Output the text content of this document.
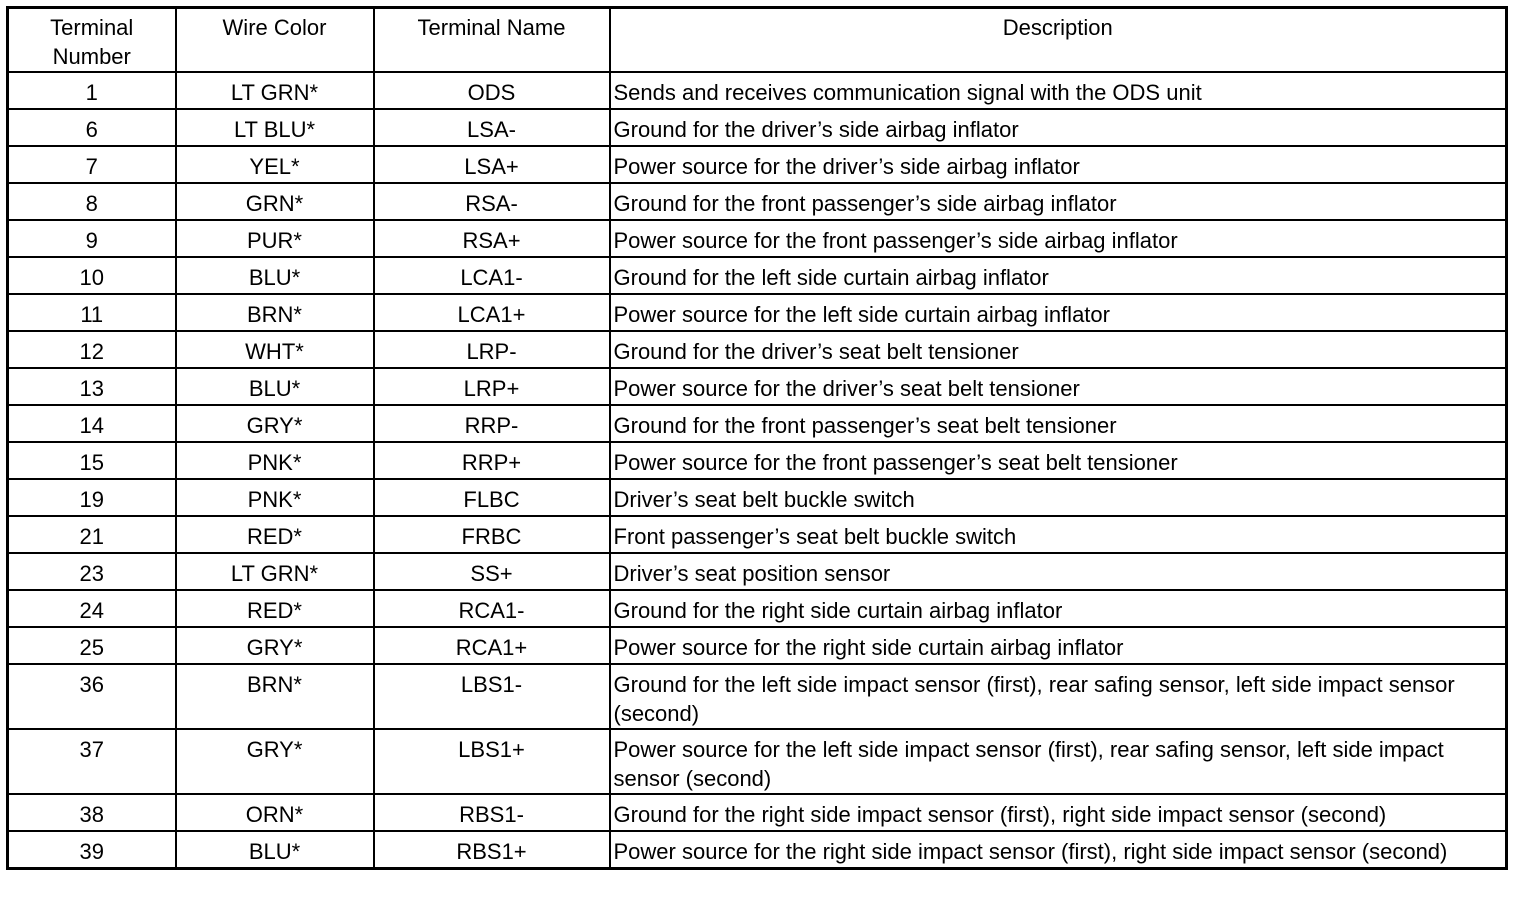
Terminal Number	Wire Color	Terminal Name	Description
1	LT GRN*	ODS	Sends and receives communication signal with the ODS unit
6	LT BLU*	LSA-	Ground for the driver’s side airbag inflator
7	YEL*	LSA+	Power source for the driver’s side airbag inflator
8	GRN*	RSA-	Ground for the front passenger’s side airbag inflator
9	PUR*	RSA+	Power source for the front passenger’s side airbag inflator
10	BLU*	LCA1-	Ground for the left side curtain airbag inflator
11	BRN*	LCA1+	Power source for the left side curtain airbag inflator
12	WHT*	LRP-	Ground for the driver’s seat belt tensioner
13	BLU*	LRP+	Power source for the driver’s seat belt tensioner
14	GRY*	RRP-	Ground for the front passenger’s seat belt tensioner
15	PNK*	RRP+	Power source for the front passenger’s seat belt tensioner
19	PNK*	FLBC	Driver’s seat belt buckle switch
21	RED*	FRBC	Front passenger’s seat belt buckle switch
23	LT GRN*	SS+	Driver’s seat position sensor
24	RED*	RCA1-	Ground for the right side curtain airbag inflator
25	GRY*	RCA1+	Power source for the right side curtain airbag inflator
36	BRN*	LBS1-	Ground for the left side impact sensor (first), rear safing sensor, left side impact sensor (second)
37	GRY*	LBS1+	Power source for the left side impact sensor (first), rear safing sensor, left side impact sensor (second)
38	ORN*	RBS1-	Ground for the right side impact sensor (first), right side impact sensor (second)
39	BLU*	RBS1+	Power source for the right side impact sensor (first), right side impact sensor (second)
